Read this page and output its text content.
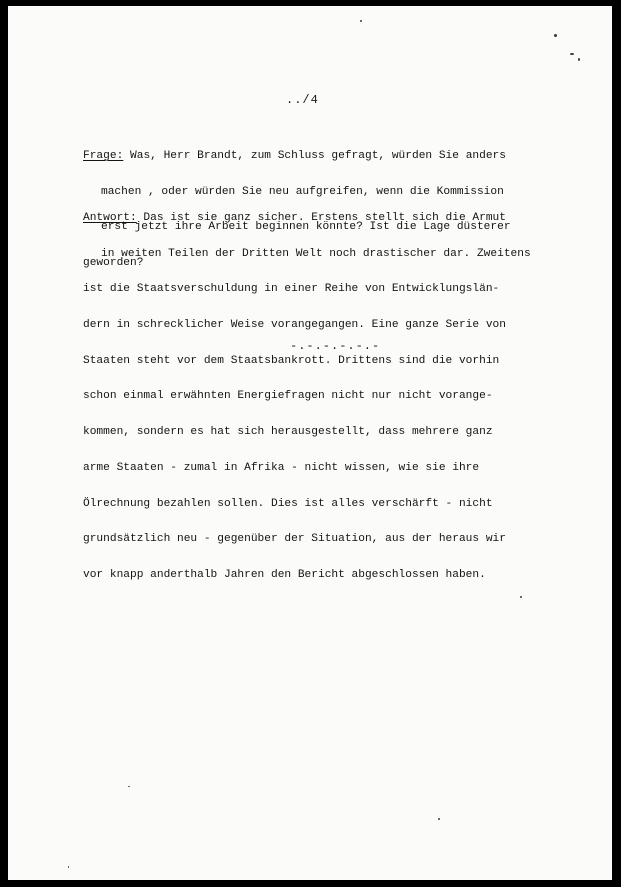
../4

Frage: Was, Herr Brandt, zum Schluss gefragt, würden Sie anders

machen , oder würden Sie neu aufgreifen, wenn die Kommission

erst jetzt ihre Arbeit beginnen könnte? Ist die Lage düsterer

geworden?

Antwort: Das ist sie ganz sicher. Erstens stellt sich die Armut

in weiten Teilen der Dritten Welt noch drastischer dar. Zweitens

ist die Staatsverschuldung in einer Reihe von Entwicklungslän-

dern in schrecklicher Weise vorangegangen. Eine ganze Serie von

Staaten steht vor dem Staatsbankrott. Drittens sind die vorhin

schon einmal erwähnten Energiefragen nicht nur nicht vorange-

kommen, sondern es hat sich herausgestellt, dass mehrere ganz

arme Staaten - zumal in Afrika - nicht wissen, wie sie ihre

Ölrechnung bezahlen sollen. Dies ist alles verschärft - nicht

grundsätzlich neu - gegenüber der Situation, aus der heraus wir

vor knapp anderthalb Jahren den Bericht abgeschlossen haben.

-.-.-.-.-.-
